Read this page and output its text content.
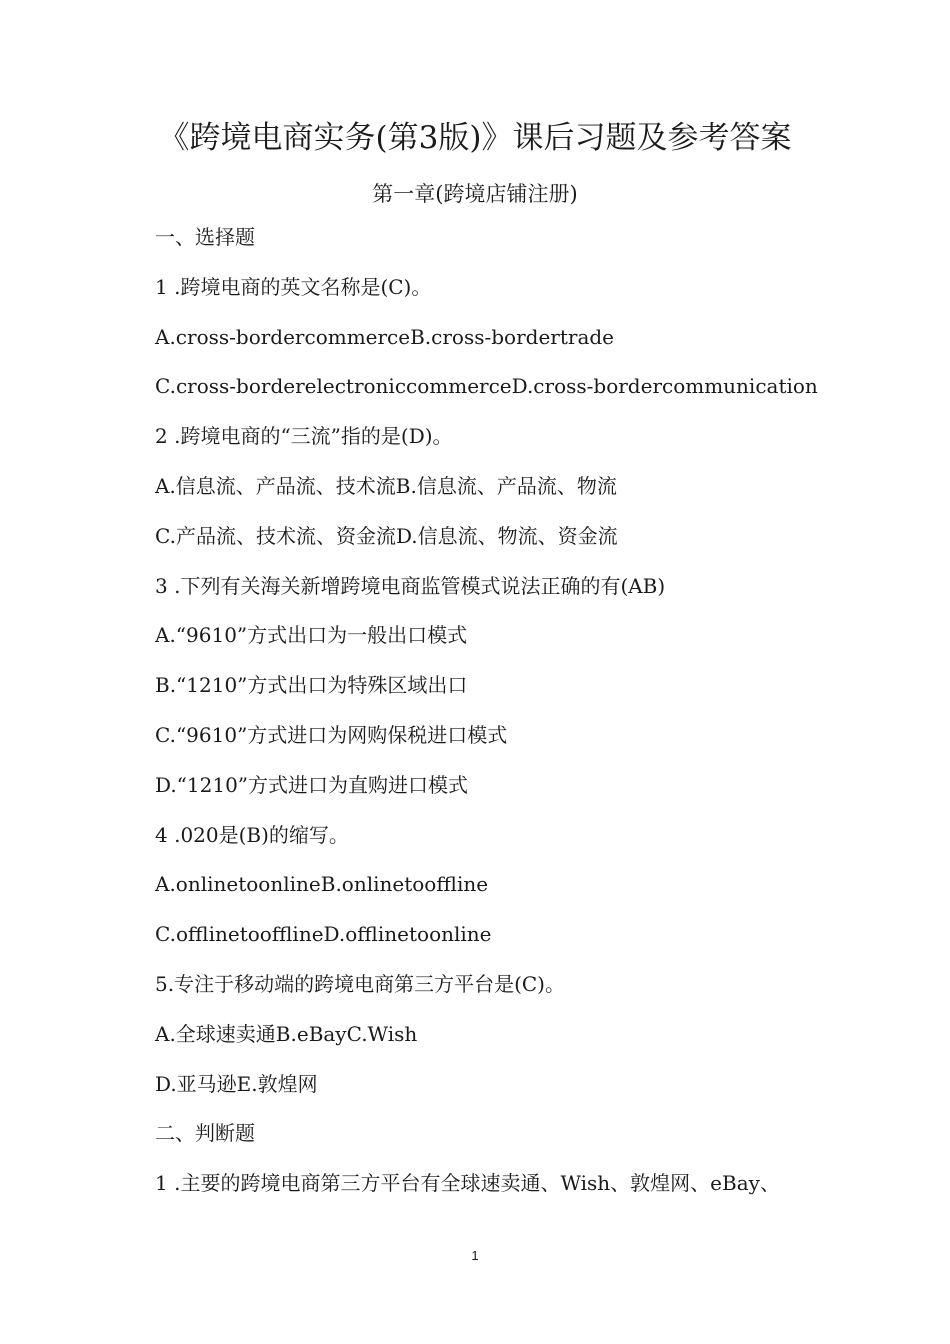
《跨境电商实务(第3版)》课后习题及参考答案
第一章(跨境店铺注册)
一、选择题
1 .跨境电商的英文名称是(C)。
A.cross-bordercommerceB.cross-bordertrade
C.cross-borderelectroniccommerceD.cross-bordercommunication
2 .跨境电商的“三流”指的是(D)。
A.信息流、产品流、技术流B.信息流、产品流、物流
C.产品流、技术流、资金流D.信息流、物流、资金流
3 .下列有关海关新增跨境电商监管模式说法正确的有(AB)
A.“9610”方式出口为一般出口模式
B.“1210”方式出口为特殊区域出口
C.“9610”方式进口为网购保税进口模式
D.“1210”方式进口为直购进口模式
4 .020是(B)的缩写。
A.onlinetoonlineB.onlinetooffline
C.offlinetoofflineD.offlinetoonline
5.专注于移动端的跨境电商第三方平台是(C)。
A.全球速卖通B.eBayC.Wish
D.亚马逊E.敦煌网
二、判断题
1 .主要的跨境电商第三方平台有全球速卖通、Wish、敦煌网、eBay、
1
